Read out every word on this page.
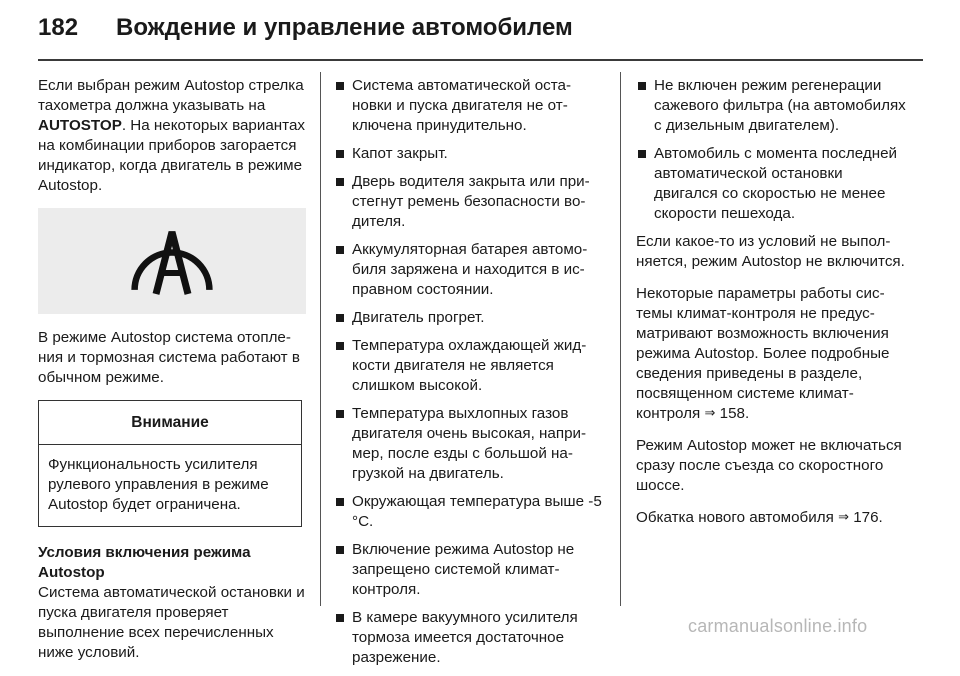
182 Вождение и управление автомобилем

Если выбран режим Autostop стрелка тахометра должна указывать на AUTOSTOP. На некоторых вариантах на комбинации приборов загорается индикатор, когда двигатель в режиме Autostop.

В режиме Autostop система отопления и тормозная система работают в обычном режиме.

Внимание
Функциональность усилителя рулевого управления в режиме Autostop будет ограничена.

Условия включения режима Autostop

Система автоматической остановки и пуска двигателя проверяет выполнение всех перечисленных ниже условий.

Система автоматической остановки и пуска двигателя не отключена принудительно.
Капот закрыт.
Дверь водителя закрыта или пристегнут ремень безопасности водителя.
Аккумуляторная батарея автомобиля заряжена и находится в исправном состоянии.
Двигатель прогрет.
Температура охлаждающей жидкости двигателя не является слишком высокой.
Температура выхлопных газов двигателя очень высокая, например, после езды с большой нагрузкой на двигатель.
Окружающая температура выше -5 °C.
Включение режима Autostop не запрещено системой климат-контроля.
В камере вакуумного усилителя тормоза имеется достаточное разрежение.
Не включен режим регенерации сажевого фильтра (на автомобилях с дизельным двигателем).
Автомобиль с момента последней автоматической остановки двигался со скоростью не менее скорости пешехода.

Если какое-то из условий не выполняется, режим Autostop не включится.

Некоторые параметры работы системы климат-контроля не предусматривают возможность включения режима Autostop. Более подробные сведения приведены в разделе, посвященном системе климат-контроля ⇒ 158.

Режим Autostop может не включаться сразу после съезда со скоростного шоссе.

Обкатка нового автомобиля ⇒ 176.

carmanualsonline.info
